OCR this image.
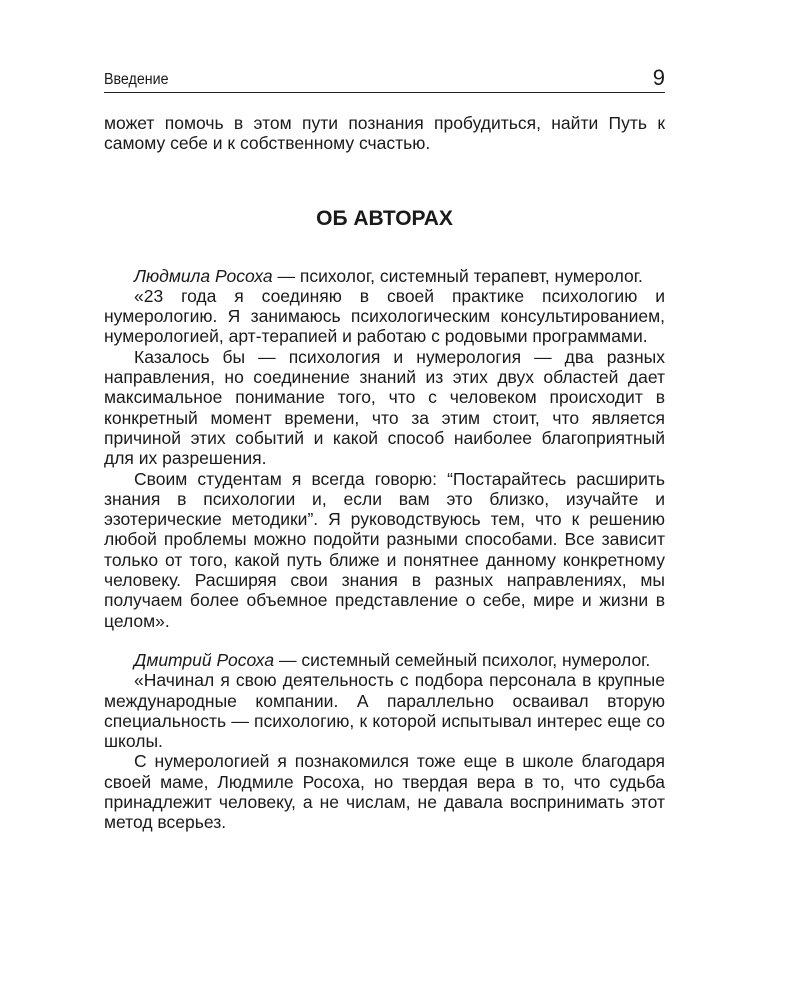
Введение	9

может помочь в этом пути познания пробудиться, найти Путь к самому себе и к собственному счастью.

ОБ АВТОРАХ

Людмила Росоха — психолог, системный терапевт, нумеролог.

«23 года я соединяю в своей практике психологию и нумерологию. Я занимаюсь психологическим консультированием, нумерологией, арт-терапией и работаю с родовыми программами.

Казалось бы — психология и нумерология — два разных направления, но соединение знаний из этих двух областей дает максимальное понимание того, что с человеком происходит в конкретный момент времени, что за этим стоит, что является причиной этих событий и какой способ наиболее благоприятный для их разрешения.

Своим студентам я всегда говорю: “Постарайтесь расширить знания в психологии и, если вам это близко, изучайте и эзотерические методики”. Я руководствуюсь тем, что к решению любой проблемы можно подойти разными способами. Все зависит только от того, какой путь ближе и понятнее данному конкретному человеку. Расширяя свои знания в разных направлениях, мы получаем более объемное представление о себе, мире и жизни в целом».

Дмитрий Росоха — системный семейный психолог, нумеролог.

«Начинал я свою деятельность с подбора персонала в крупные международные компании. А параллельно осваивал вторую специальность — психологию, к которой испытывал интерес еще со школы.

С нумерологией я познакомился тоже еще в школе благодаря своей маме, Людмиле Росоха, но твердая вера в то, что судьба принадлежит человеку, а не числам, не давала воспринимать этот метод всерьез.
